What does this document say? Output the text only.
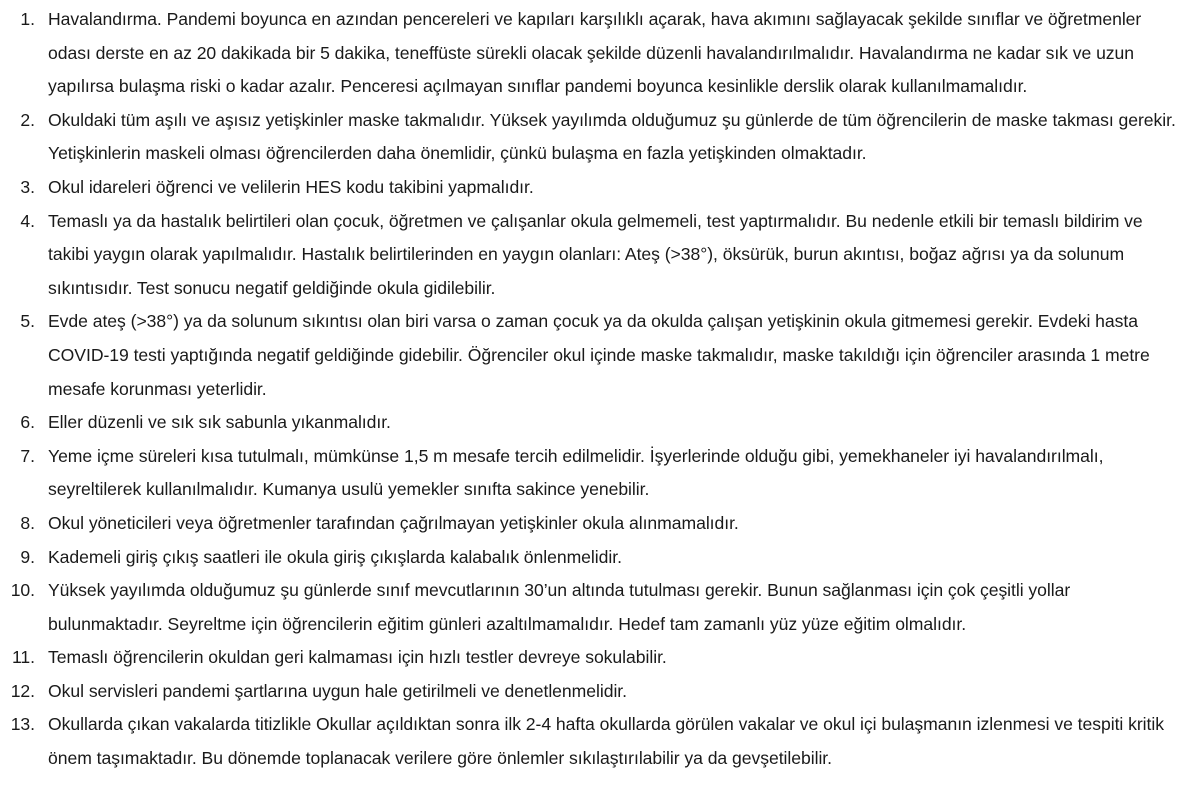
1. Havalandırma. Pandemi boyunca en azından pencereleri ve kapıları karşılıklı açarak, hava akımını sağlayacak şekilde sınıflar ve öğretmenler odası derste en az 20 dakikada bir 5 dakika, teneffüste sürekli olacak şekilde düzenli havalandırılmalıdır. Havalandırma ne kadar sık ve uzun yapılırsa bulaşma riski o kadar azalır. Penceresi açılmayan sınıflar pandemi boyunca kesinlikle derslik olarak kullanılmamalıdır.
2. Okuldaki tüm aşılı ve aşısız yetişkinler maske takmalıdır. Yüksek yayılımda olduğumuz şu günlerde de tüm öğrencilerin de maske takması gerekir. Yetişkinlerin maskeli olması öğrencilerden daha önemlidir, çünkü bulaşma en fazla yetişkinden olmaktadır.
3. Okul idareleri öğrenci ve velilerin HES kodu takibini yapmalıdır.
4. Temaslı ya da hastalık belirtileri olan çocuk, öğretmen ve çalışanlar okula gelmemeli, test yaptırmalıdır. Bu nedenle etkili bir temaslı bildirim ve takibi yaygın olarak yapılmalıdır. Hastalık belirtilerinden en yaygın olanları: Ateş (>38°), öksürük, burun akıntısı, boğaz ağrısı ya da solunum sıkıntısıdır. Test sonucu negatif geldiğinde okula gidilebilir.
5. Evde ateş (>38°) ya da solunum sıkıntısı olan biri varsa o zaman çocuk ya da okulda çalışan yetişkinin okula gitmemesi gerekir. Evdeki hasta COVID-19 testi yaptığında negatif geldiğinde gidebilir. Öğrenciler okul içinde maske takmalıdır, maske takıldığı için öğrenciler arasında 1 metre mesafe korunması yeterlidir.
6. Eller düzenli ve sık sık sabunla yıkanmalıdır.
7. Yeme içme süreleri kısa tutulmalı, mümkünse 1,5 m mesafe tercih edilmelidir. İşyerlerinde olduğu gibi, yemekhaneler iyi havalandırılmalı, seyreltilerek kullanılmalıdır. Kumanya usulü yemekler sınıfta sakince yenebilir.
8. Okul yöneticileri veya öğretmenler tarafından çağrılmayan yetişkinler okula alınmamalıdır.
9. Kademeli giriş çıkış saatleri ile okula giriş çıkışlarda kalabalık önlenmelidir.
10. Yüksek yayılımda olduğumuz şu günlerde sınıf mevcutlarının 30’un altında tutulması gerekir. Bunun sağlanması için çok çeşitli yollar bulunmaktadır. Seyreltme için öğrencilerin eğitim günleri azaltılmamalıdır. Hedef tam zamanlı yüz yüze eğitim olmalıdır.
11. Temaslı öğrencilerin okuldan geri kalmaması için hızlı testler devreye sokulabilir.
12. Okul servisleri pandemi şartlarına uygun hale getirilmeli ve denetlenmelidir.
13. Okullarda çıkan vakalarda titizlikle Okullar açıldıktan sonra ilk 2-4 hafta okullarda görülen vakalar ve okul içi bulaşmanın izlenmesi ve tespiti kritik önem taşımaktadır. Bu dönemde toplanacak verilere göre önlemler sıkılaştırılabilir ya da gevşetilebilir.
